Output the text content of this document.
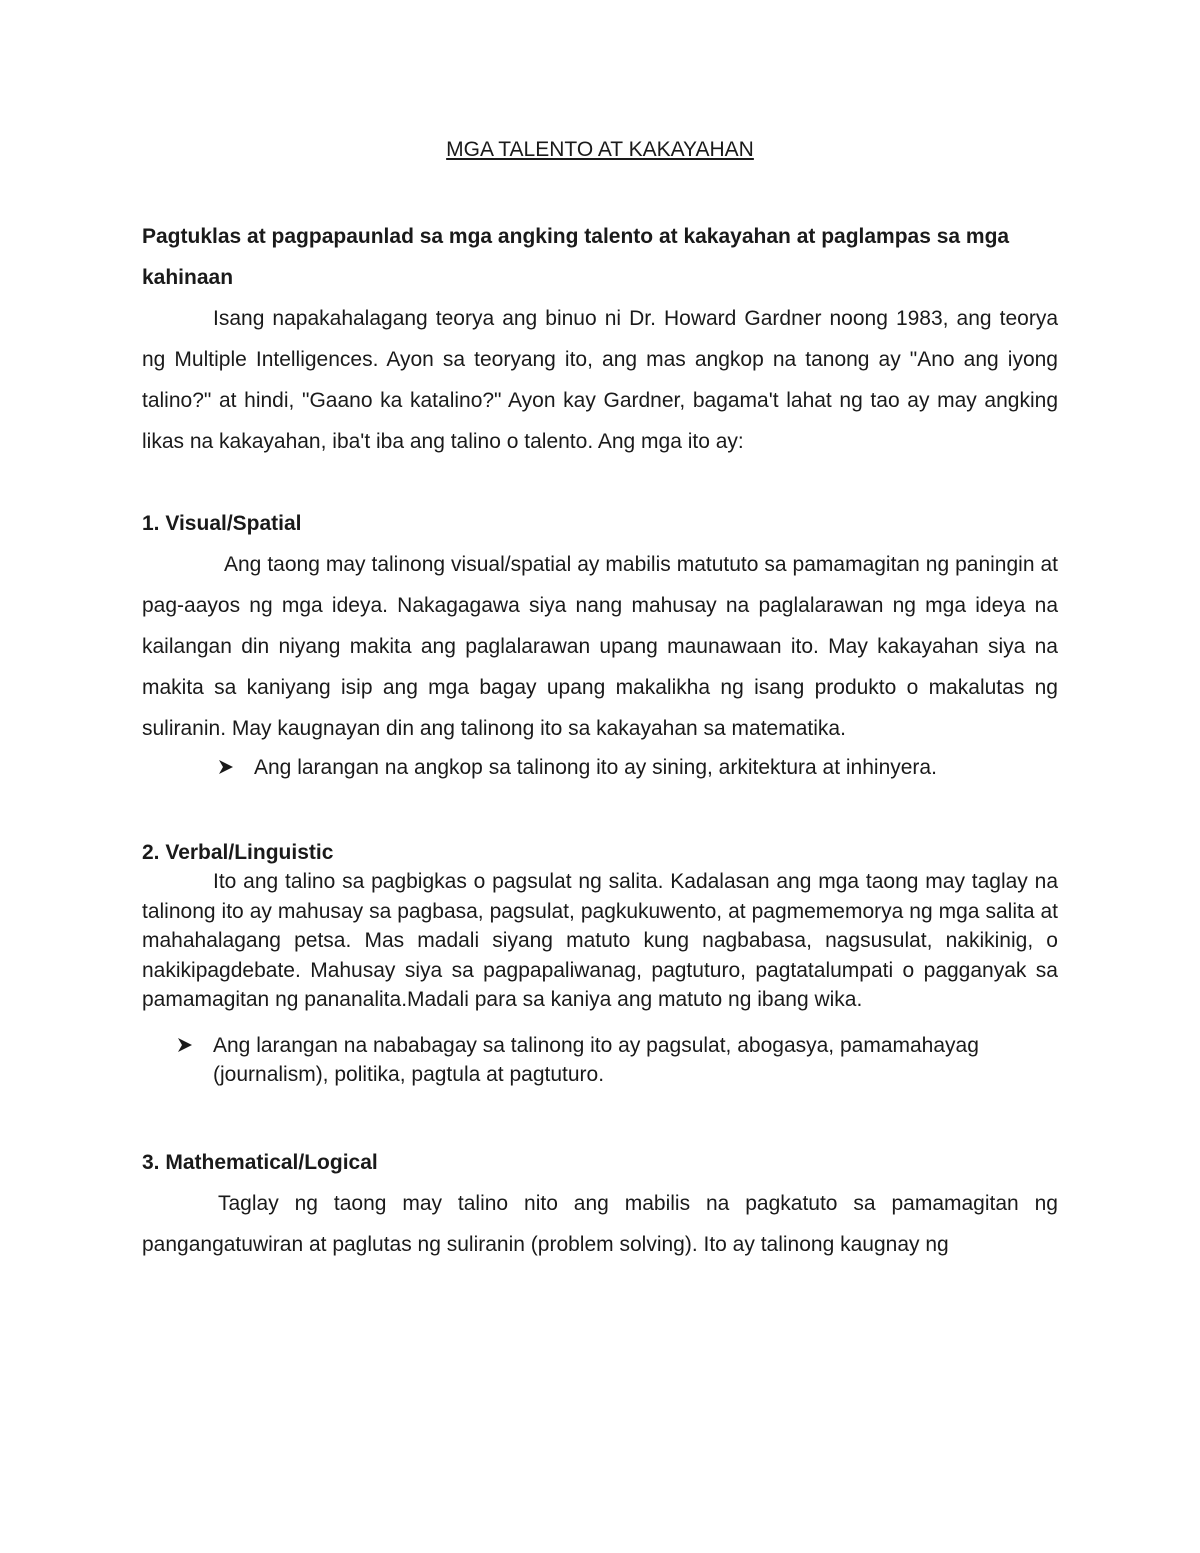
MGA TALENTO AT KAKAYAHAN

Pagtuklas at pagpapaunlad sa mga angking talento at kakayahan at paglampas sa mga kahinaan

Isang napakahalagang teorya ang binuo ni Dr. Howard Gardner noong 1983, ang teorya ng Multiple Intelligences. Ayon sa teoryang ito, ang mas angkop na tanong ay "Ano ang iyong talino?" at hindi, "Gaano ka katalino?" Ayon kay Gardner, bagama't lahat ng tao ay may angking likas na kakayahan, iba't iba ang talino o talento. Ang mga ito ay:

1. Visual/Spatial

Ang taong may talinong visual/spatial ay mabilis matututo sa pamamagitan ng paningin at pag-aayos ng mga ideya. Nakagagawa siya nang mahusay na paglalarawan ng mga ideya na kailangan din niyang makita ang paglalarawan upang maunawaan ito. May kakayahan siya na makita sa kaniyang isip ang mga bagay upang makalikha ng isang produkto o makalutas ng suliranin. May kaugnayan din ang talinong ito sa kakayahan sa matematika.

Ang larangan na angkop sa talinong ito ay sining, arkitektura at inhinyera.

2. Verbal/Linguistic

Ito ang talino sa pagbigkas o pagsulat ng salita. Kadalasan ang mga taong may taglay na talinong ito ay mahusay sa pagbasa, pagsulat, pagkukuwento, at pagmememorya ng mga salita at mahahalagang petsa. Mas madali siyang matuto kung nagbabasa, nagsusulat, nakikinig, o nakikipagdebate. Mahusay siya sa pagpapaliwanag, pagtuturo, pagtatalumpati o pagganyak sa pamamagitan ng pananalita.Madali para sa kaniya ang matuto ng ibang wika.

Ang larangan na nababagay sa talinong ito ay pagsulat, abogasya, pamamahayag (journalism), politika, pagtula at pagtuturo.

3. Mathematical/Logical

Taglay ng taong may talino nito ang mabilis na pagkatuto sa pamamagitan ng pangangatuwiran at paglutas ng suliranin (problem solving). Ito ay talinong kaugnay ng
